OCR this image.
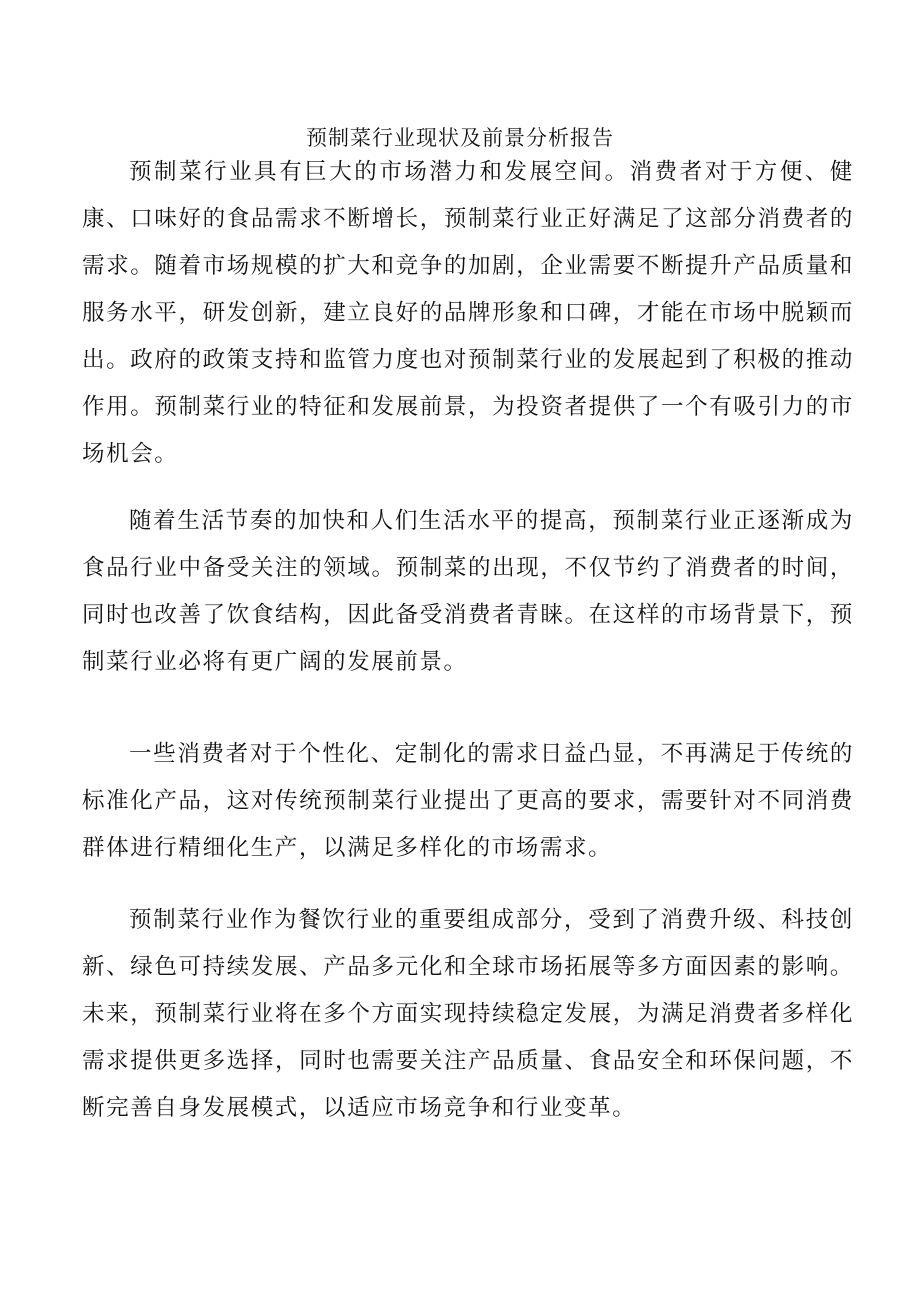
预制菜行业现状及前景分析报告

预制菜行业具有巨大的市场潜力和发展空间。消费者对于方便、健康、口味好的食品需求不断增长，预制菜行业正好满足了这部分消费者的需求。随着市场规模的扩大和竞争的加剧，企业需要不断提升产品质量和服务水平，研发创新，建立良好的品牌形象和口碑，才能在市场中脱颖而出。政府的政策支持和监管力度也对预制菜行业的发展起到了积极的推动作用。预制菜行业的特征和发展前景，为投资者提供了一个有吸引力的市场机会。

随着生活节奏的加快和人们生活水平的提高，预制菜行业正逐渐成为食品行业中备受关注的领域。预制菜的出现，不仅节约了消费者的时间，同时也改善了饮食结构，因此备受消费者青睐。在这样的市场背景下，预制菜行业必将有更广阔的发展前景。

一些消费者对于个性化、定制化的需求日益凸显，不再满足于传统的标准化产品，这对传统预制菜行业提出了更高的要求，需要针对不同消费群体进行精细化生产，以满足多样化的市场需求。

预制菜行业作为餐饮行业的重要组成部分，受到了消费升级、科技创新、绿色可持续发展、产品多元化和全球市场拓展等多方面因素的影响。未来，预制菜行业将在多个方面实现持续稳定发展，为满足消费者多样化需求提供更多选择，同时也需要关注产品质量、食品安全和环保问题，不断完善自身发展模式，以适应市场竞争和行业变革。
